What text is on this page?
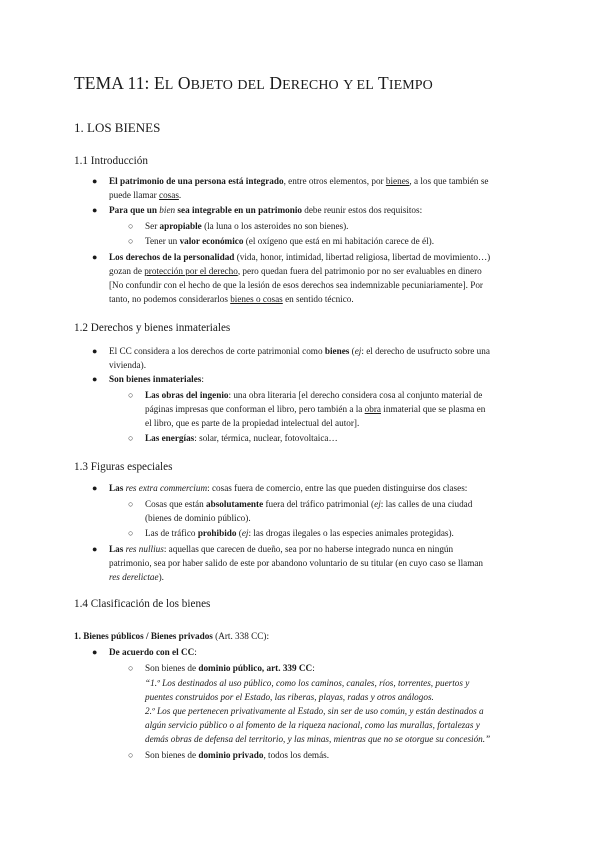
TEMA 11: EL OBJETO DEL DERECHO Y EL TIEMPO
1. LOS BIENES
1.1 Introducción
● El patrimonio de una persona está integrado, entre otros elementos, por bienes, a los que también se
puede llamar cosas.
● Para que un bien sea integrable en un patrimonio debe reunir estos dos requisitos:
○ Ser apropiable (la luna o los asteroides no son bienes).
○ Tener un valor económico (el oxígeno que está en mi habitación carece de él).
● Los derechos de la personalidad (vida, honor, intimidad, libertad religiosa, libertad de movimiento…)
gozan de protección por el derecho, pero quedan fuera del patrimonio por no ser evaluables en dinero
[No confundir con el hecho de que la lesión de esos derechos sea indemnizable pecuniariamente]. Por
tanto, no podemos considerarlos bienes o cosas en sentido técnico.
1.2 Derechos y bienes inmateriales
● El CC considera a los derechos de corte patrimonial como bienes (ej: el derecho de usufructo sobre una
vivienda).
● Son bienes inmateriales:
○ Las obras del ingenio: una obra literaria [el derecho considera cosa al conjunto material de
páginas impresas que conforman el libro, pero también a la obra inmaterial que se plasma en
el libro, que es parte de la propiedad intelectual del autor].
○ Las energías: solar, térmica, nuclear, fotovoltaica…
1.3 Figuras especiales
● Las res extra commercium: cosas fuera de comercio, entre las que pueden distinguirse dos clases:
○ Cosas que están absolutamente fuera del tráfico patrimonial (ej: las calles de una ciudad
(bienes de dominio público).
○ Las de tráfico prohibido (ej: las drogas ilegales o las especies animales protegidas).
● Las res nullius: aquellas que carecen de dueño, sea por no haberse integrado nunca en ningún
patrimonio, sea por haber salido de este por abandono voluntario de su titular (en cuyo caso se llaman
res derelictae).
1.4 Clasificación de los bienes
1. Bienes públicos / Bienes privados (Art. 338 CC):
● De acuerdo con el CC:
○ Son bienes de dominio público, art. 339 CC:
“1.º Los destinados al uso público, como los caminos, canales, ríos, torrentes, puertos y
puentes construidos por el Estado, las riberas, playas, radas y otros análogos.
2.º Los que pertenecen privativamente al Estado, sin ser de uso común, y están destinados a
algún servicio público o al fomento de la riqueza nacional, como las murallas, fortalezas y
demás obras de defensa del territorio, y las minas, mientras que no se otorgue su concesión.”
○ Son bienes de dominio privado, todos los demás.
